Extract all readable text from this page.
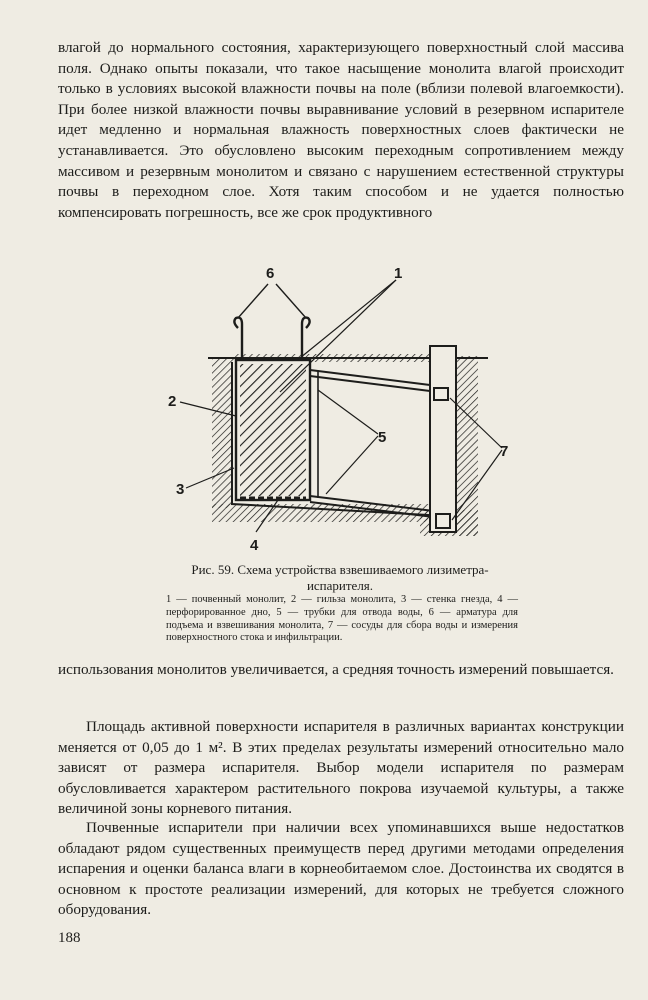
влагой до нормального состояния, характеризующего поверхностный слой массива поля. Однако опыты показали, что такое насыщение монолита влагой происходит только в условиях высокой влажности почвы на поле (вблизи полевой влагоемкости). При более низкой влажности почвы выравнивание условий в резервном испарителе идет медленно и нормальная влажность поверхностных слоев фактически не устанавливается. Это обусловлено высоким переходным сопротивлением между массивом и резервным монолитом и связано с нарушением естественной структуры почвы в переходном слое. Хотя таким способом и не удается полностью компенсировать погрешность, все же срок продуктивного

6	1
2
3
4
5
7

Рис. 59. Схема устройства взвешиваемого лизиметра-испарителя.

1 — почвенный монолит, 2 — гильза монолита, 3 — стенка гнезда, 4 — перфорированное дно, 5 — трубки для отвода воды, 6 — арматура для подъема и взвешивания монолита, 7 — сосуды для сбора воды и измерения поверхностного стока и инфильтрации.

использования монолитов увеличивается, а средняя точность измерений повышается.

Площадь активной поверхности испарителя в различных вариантах конструкции меняется от 0,05 до 1 м². В этих пределах результаты измерений относительно мало зависят от размера испарителя. Выбор модели испарителя по размерам обусловливается характером растительного покрова изучаемой культуры, а также величиной зоны корневого питания.

Почвенные испарители при наличии всех упоминавшихся выше недостатков обладают рядом существенных преимуществ перед другими методами определения испарения и оценки баланса влаги в корнеобитаемом слое. Достоинства их сводятся в основном к простоте реализации измерений, для которых не требуется сложного оборудования.

188
